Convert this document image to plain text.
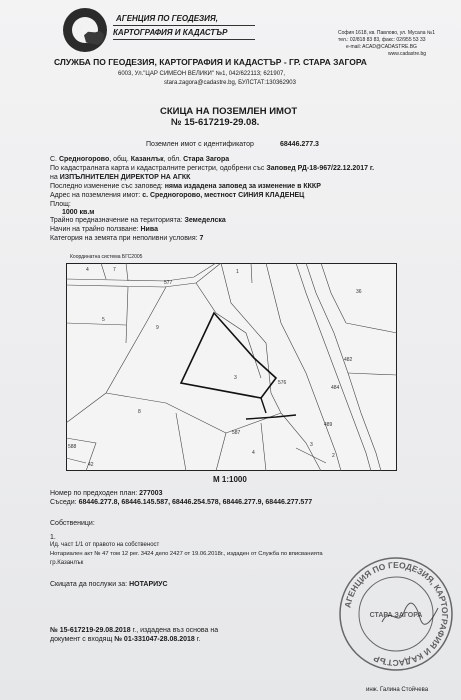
АГЕНЦИЯ ПО ГЕОДЕЗИЯ,
КАРТОГРАФИЯ И КАДАСТЪР	София 1618, кв. Павлово, ул. Мусала №1
тел.: 02/818 83 83, факс: 02/955 53 33
e-mail: ACAD@CADASTRE.BG
www.cadastre.bg
СЛУЖБА ПО ГЕОДЕЗИЯ, КАРТОГРАФИЯ И КАДАСТЪР - ГР. СТАРА ЗАГОРА
6003, Ул."ЦАР СИМЕОН ВЕЛИКИ" №1, 042/622113; 621907,
stara.zagora@cadastre.bg, БУЛСТАТ:130362903
СКИЦА НА ПОЗЕМЛЕН ИМОТ
№ 15-617219-29.08.
Поземлен имот с идентификатор	68446.277.3
С. Средногорово, общ. Казанлък, обл. Стара Загора
По кадастралната карта и кадастралните регистри, одобрени със Заповед РД-18-967/22.12.2017 г.
на ИЗПЪЛНИТЕЛЕН ДИРЕКТОР НА АГКК
Последно изменение със заповед: няма издадена заповед за изменение в КККР
Адрес на поземления имот: с. Средногорово, местност СИНИЯ КЛАДЕНЕЦ
Площ:
1000 кв.м
Трайно предназначение на територията: Земеделска
Начин на трайно ползване: Нива
Категория на земята при неполивни условия: 7
Координатна система БГС2005
4	7
577
1
5
9
3
36
482
484
8
576
587
489
4	2
42
588	3
М 1:1000
Номер по предходен план: 277003
Съседи: 68446.277.8, 68446.145.587, 68446.254.578, 68446.277.9, 68446.277.577
Собственици:
1.
Ид. част 1/1 от правото на собственост
Нотариален акт № 47 том 12 рег. 3424 дело 2427 от 19.06.2018г., издаден от Служба по вписванията
гр.Казанлък
Скицата да послужи за: НОТАРИУС
№ 15-617219-29.08.2018 г., издадена въз основа на
документ с входящ № 01-331047-28.08.2018 г.
АГЕНЦИЯ ПО ГЕОДЕЗИЯ, КАРТОГРАФИЯ И КАДАСТЪР
СТАРА ЗАГОРА
инж. Галина Стойчева
